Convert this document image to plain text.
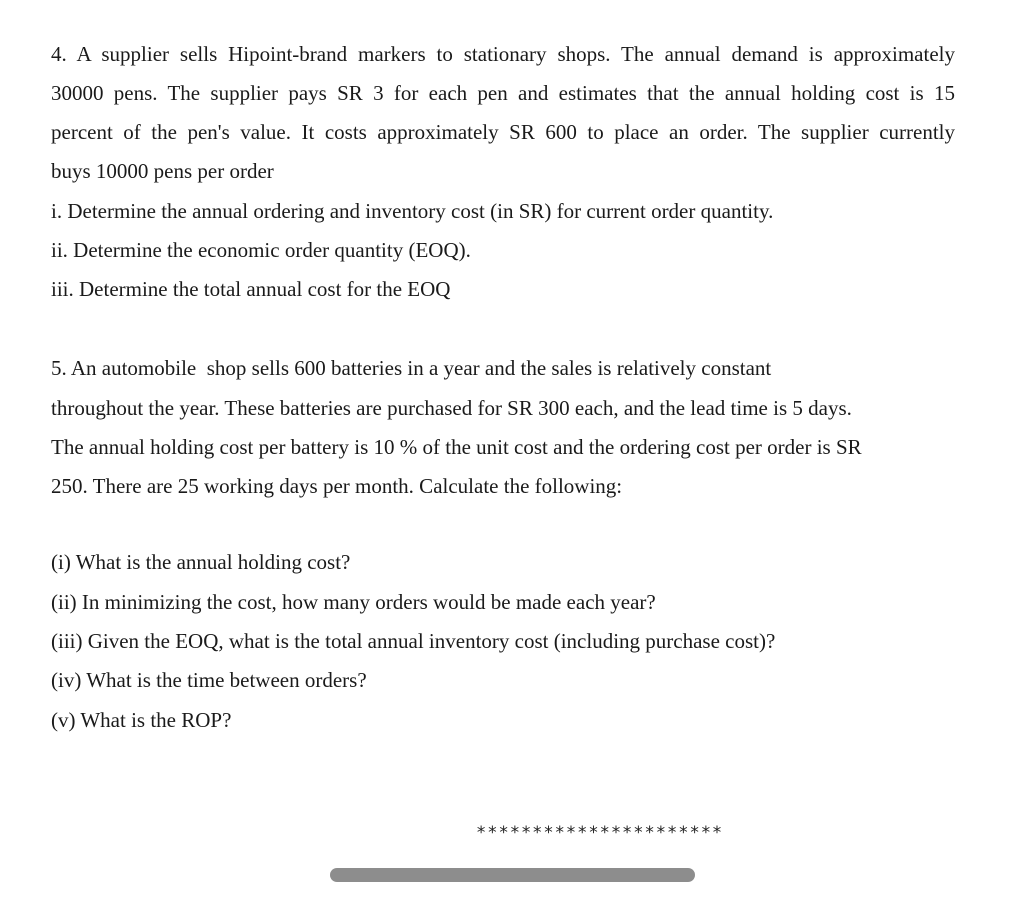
4. A supplier sells Hipoint-brand markers to stationary shops. The annual demand is approximately
30000 pens. The supplier pays SR 3 for each pen and estimates that the annual holding cost is 15
percent of the pen's value. It costs approximately SR 600 to place an order. The supplier currently
buys 10000 pens per order
i. Determine the annual ordering and inventory cost (in SR) for current order quantity.
ii. Determine the economic order quantity (EOQ).
iii. Determine the total annual cost for the EOQ
5. An automobile  shop sells 600 batteries in a year and the sales is relatively constant
throughout the year. These batteries are purchased for SR 300 each, and the lead time is 5 days.
The annual holding cost per battery is 10 % of the unit cost and the ordering cost per order is SR
250. There are 25 working days per month. Calculate the following:
(i) What is the annual holding cost?
(ii) In minimizing the cost, how many orders would be made each year?
(iii) Given the EOQ, what is the total annual inventory cost (including purchase cost)?
(iv) What is the time between orders?
(v) What is the ROP?
**********************
